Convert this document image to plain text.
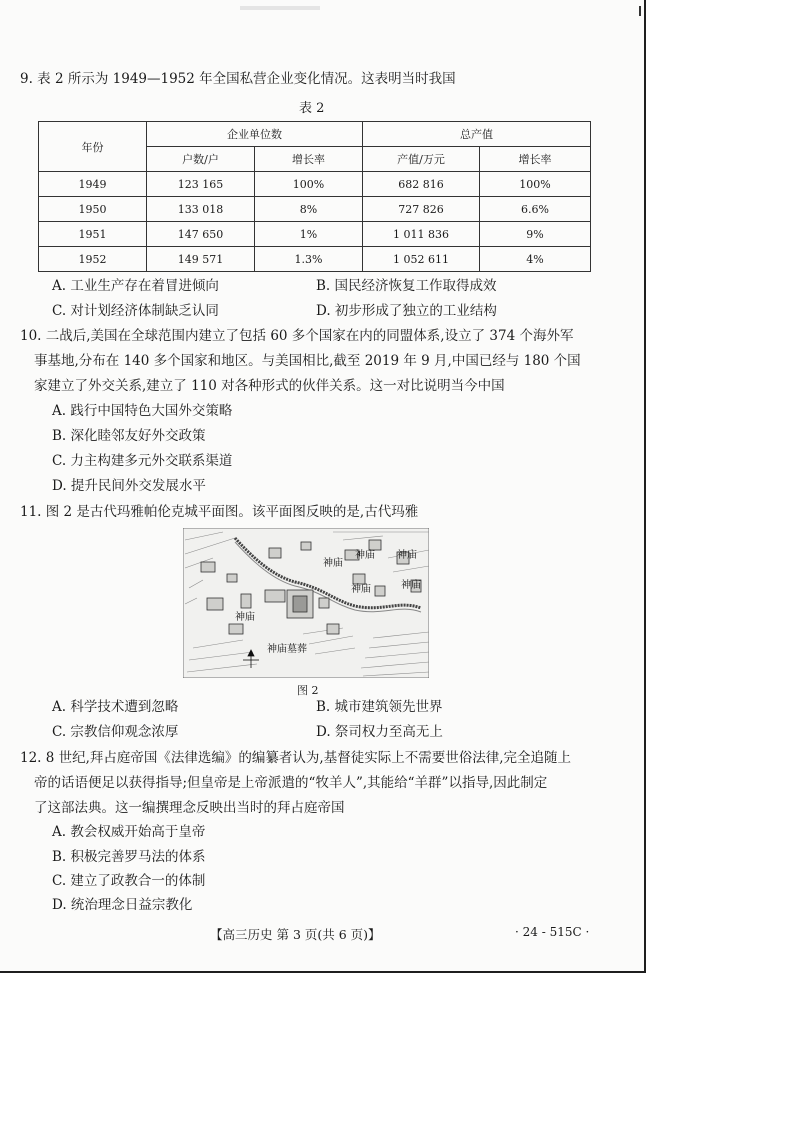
9. 表 2 所示为 1949—1952 年全国私营企业变化情况。这表明当时我国
表 2
年份	企业单位数		总产值	
	户数/户	增长率	产值/万元	增长率
1949	123 165	100%	682 816	100%
1950	133 018	8%	727 826	6.6%
1951	147 650	1%	1 011 836	9%
1952	149 571	1.3%	1 052 611	4%
A. 工业生产存在着冒进倾向	B. 国民经济恢复工作取得成效
C. 对计划经济体制缺乏认同	D. 初步形成了独立的工业结构
10. 二战后,美国在全球范围内建立了包括 60 多个国家在内的同盟体系,设立了 374 个海外军
事基地,分布在 140 多个国家和地区。与美国相比,截至 2019 年 9 月,中国已经与 180 个国
家建立了外交关系,建立了 110 对各种形式的伙伴关系。这一对比说明当今中国
A. 践行中国特色大国外交策略
B. 深化睦邻友好外交政策
C. 力主构建多元外交联系渠道
D. 提升民间外交发展水平
11. 图 2 是古代玛雅帕伦克城平面图。该平面图反映的是,古代玛雅
神庙
神庙墓葬
神庙
神庙 神庙
神庙	神庙
图 2
A. 科学技术遭到忽略	B. 城市建筑领先世界
C. 宗教信仰观念浓厚	D. 祭司权力至高无上
12. 8 世纪,拜占庭帝国《法律选编》的编纂者认为,基督徒实际上不需要世俗法律,完全追随上
帝的话语便足以获得指导;但皇帝是上帝派遣的“牧羊人”,其能给“羊群”以指导,因此制定
了这部法典。这一编撰理念反映出当时的拜占庭帝国
A. 教会权威开始高于皇帝
B. 积极完善罗马法的体系
C. 建立了政教合一的体制
D. 统治理念日益宗教化
【高三历史 第 3 页(共 6 页)】	· 24 - 515C ·
